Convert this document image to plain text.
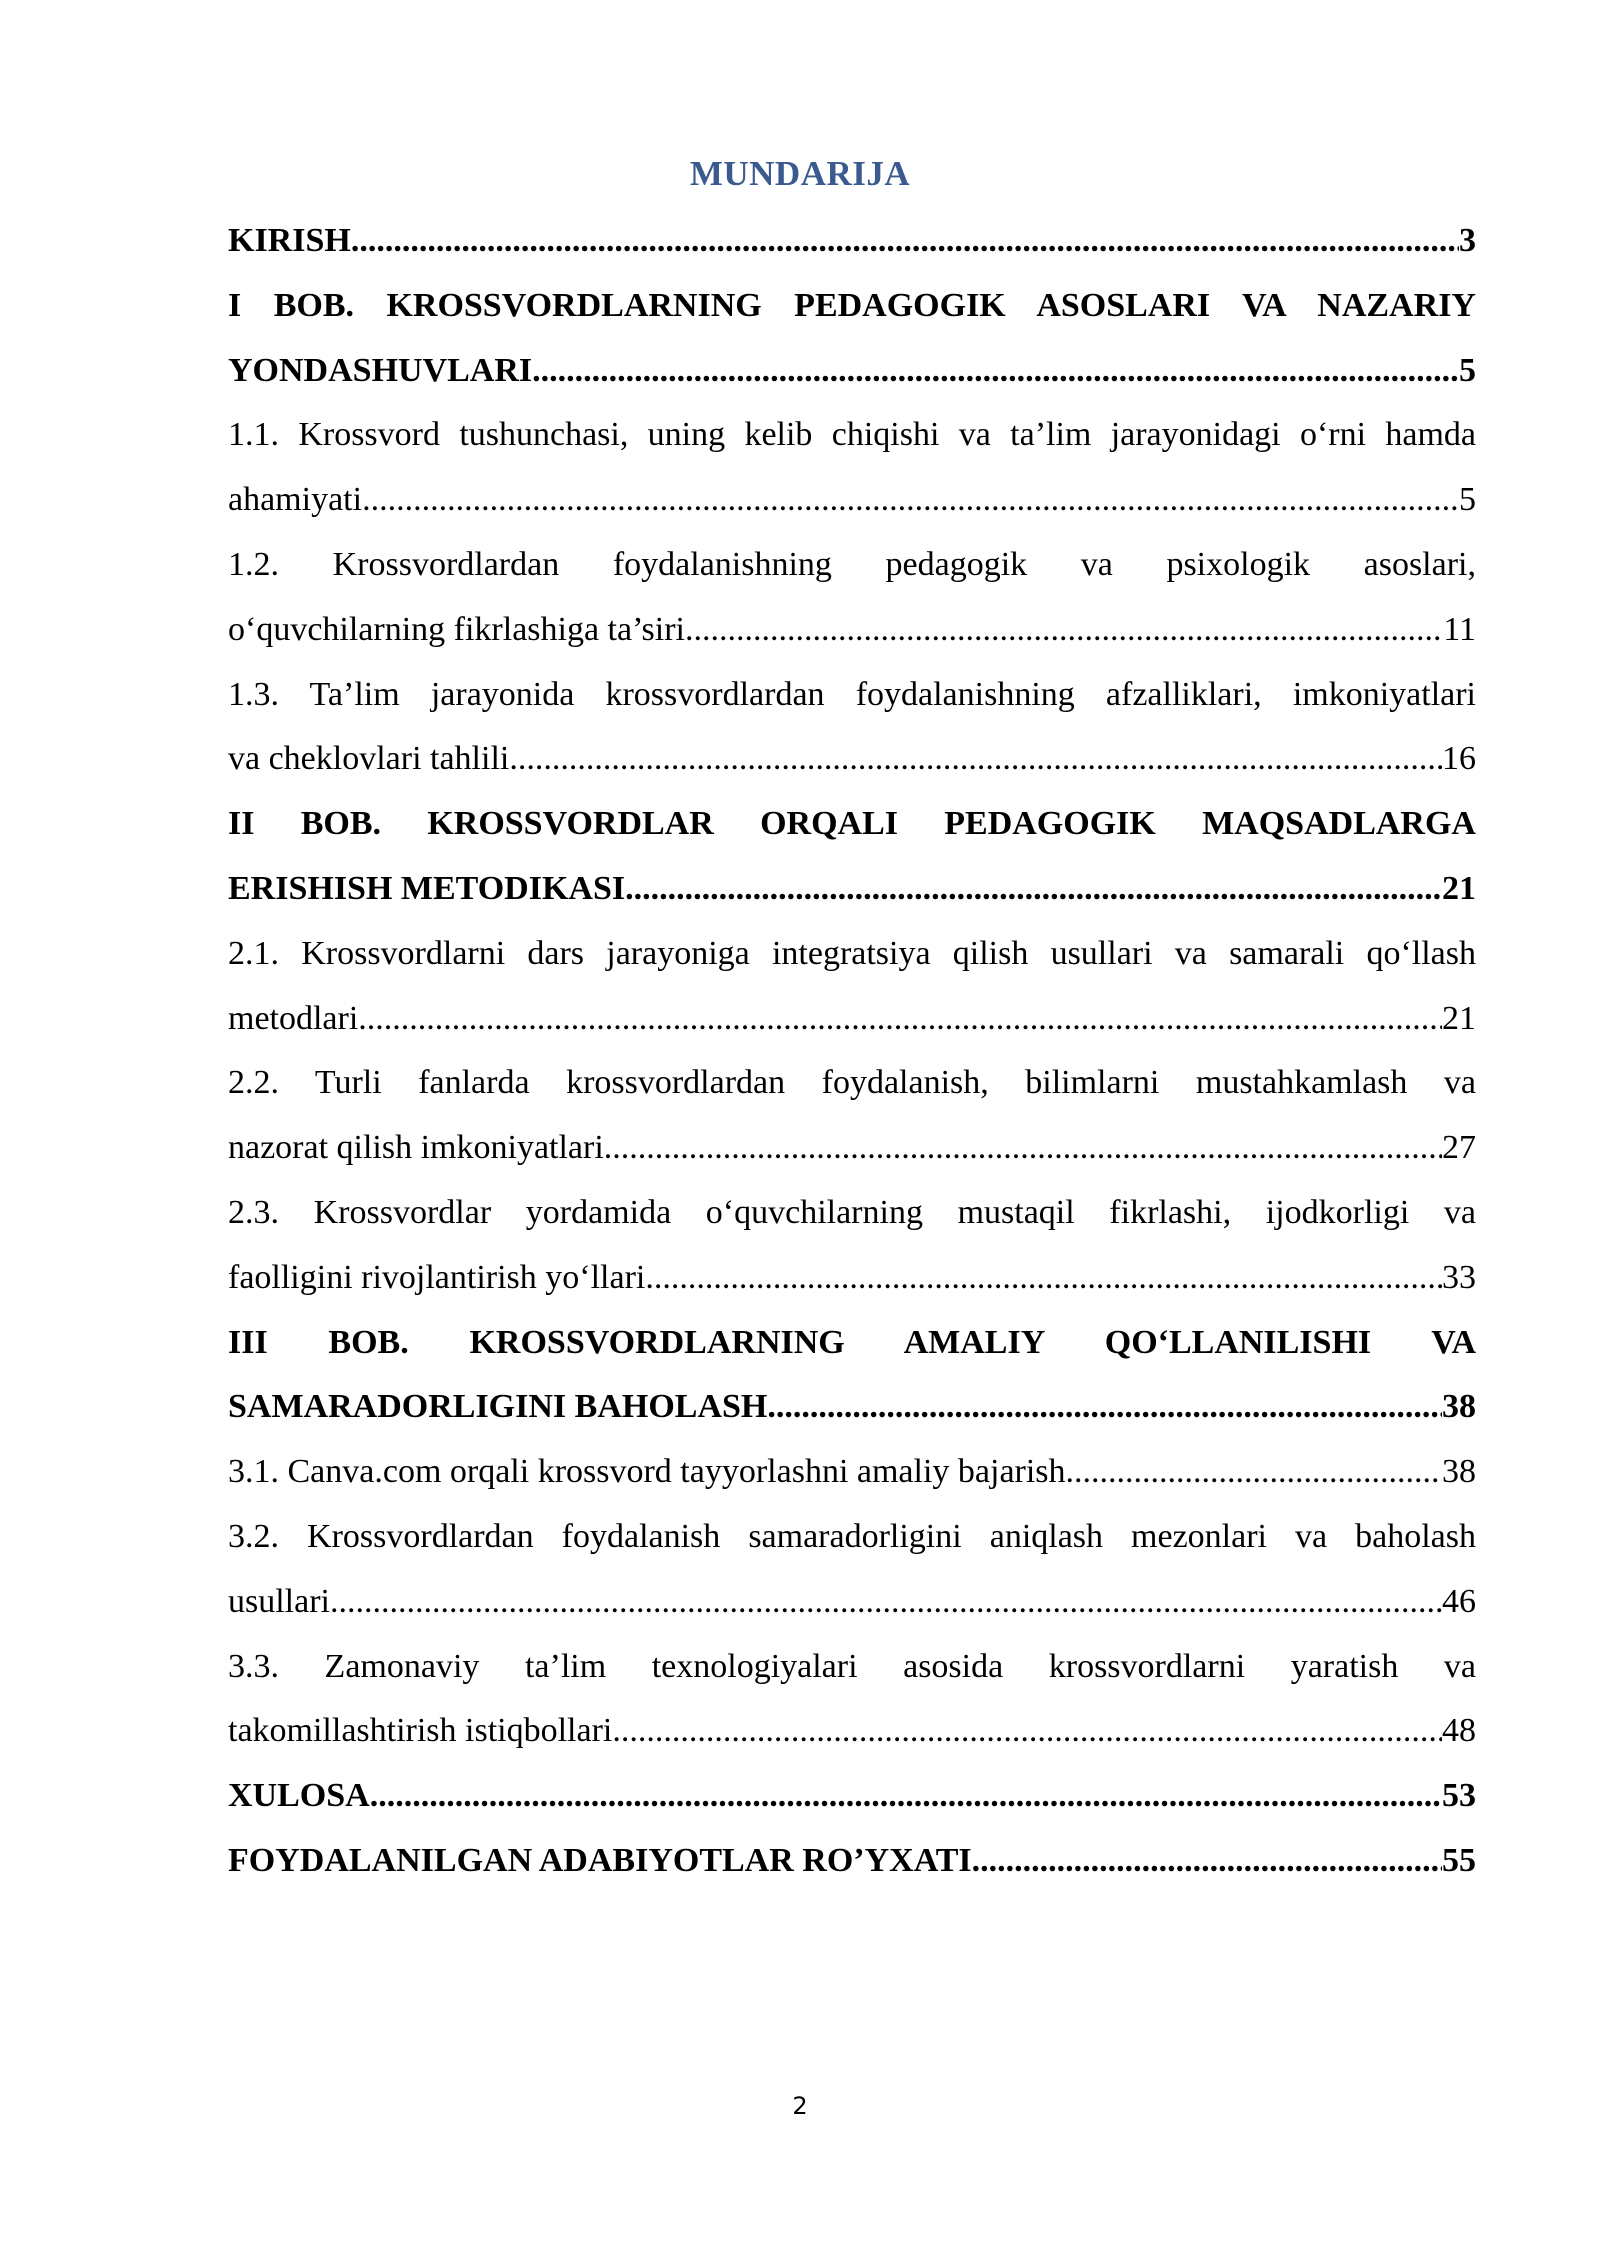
MUNDARIJA
KIRISH .....	3
I BOB. KROSSVORDLARNING PEDAGOGIK ASOSLARI VA NAZARIY
YONDASHUVLARI .....	5
1.1. Krossvord tushunchasi, uning kelib chiqishi va ta’lim jarayonidagi o‘rni hamda
ahamiyati .....	5
1.2. Krossvordlardan foydalanishning pedagogik va psixologik asoslari,
o‘quvchilarning fikrlashiga ta’siri .....	11
1.3. Ta’lim jarayonida krossvordlardan foydalanishning afzalliklari, imkoniyatlari
va cheklovlari tahlili .....	16
II BOB. KROSSVORDLAR ORQALI PEDAGOGIK MAQSADLARGA
ERISHISH METODIKASI .....	21
2.1. Krossvordlarni dars jarayoniga integratsiya qilish usullari va samarali qo‘llash
metodlari .....	21
2.2. Turli fanlarda krossvordlardan foydalanish, bilimlarni mustahkamlash va
nazorat qilish imkoniyatlari .....	27
2.3. Krossvordlar yordamida o‘quvchilarning mustaqil fikrlashi, ijodkorligi va
faolligini rivojlantirish yo‘llari .....	33
III BOB. KROSSVORDLARNING AMALIY QO‘LLANILISHI VA
SAMARADORLIGINI BAHOLASH .....	38
3.1. Canva.com orqali krossvord tayyorlashni amaliy bajarish .....	38
3.2. Krossvordlardan foydalanish samaradorligini aniqlash mezonlari va baholash
usullari .....	46
3.3. Zamonaviy ta’lim texnologiyalari asosida krossvordlarni yaratish va
takomillashtirish istiqbollari .....	48
XULOSA .....	53
FOYDALANILGAN ADABIYOTLAR RO’YXATI .....	55
2
